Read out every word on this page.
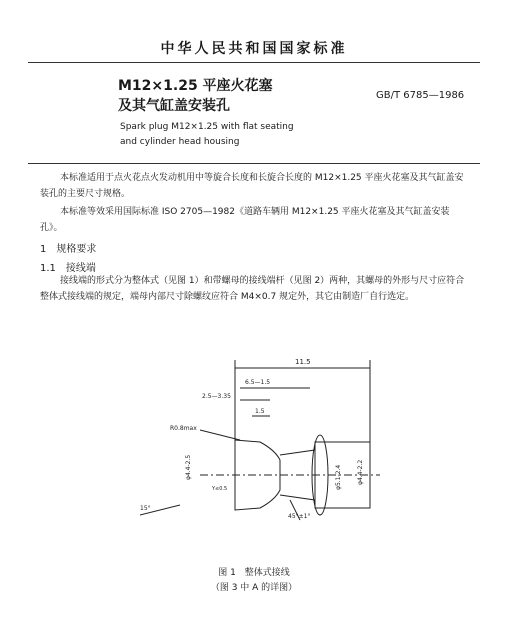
中华人民共和国国家标准
M12×1.25 平座火花塞
及其气缸盖安装孔
GB/T 6785—1986
Spark plug M12×1.25 with flat seating
and cylinder head housing
本标准适用于点火花点火发动机用中等旋合长度和长旋合长度的 M12×1.25 平座火花塞及其气缸盖安装孔的主要尺寸规格。
本标准等效采用国际标准 ISO 2705—1982《道路车辆用 M12×1.25 平座火花塞及其气缸盖安装孔》。
1　规格要求
1.1　接线端
接线端的形式分为整体式（见图 1）和带螺母的接线端杆（见图 2）两种，其螺母的外形与尺寸应符合整体式接线端的规定，端母内部尺寸除螺纹应符合 M4×0.7 规定外，其它由制造厂自行选定。
11.5
6.5—1.5
2.5—3.35
1.5
R0.8max
φ4.4-2.5	φ5.1-2.4	φ4.4-2.2
45°±1°
Y≤0.5
15°
图 1　整体式接线
（图 3 中 A 的详图）
